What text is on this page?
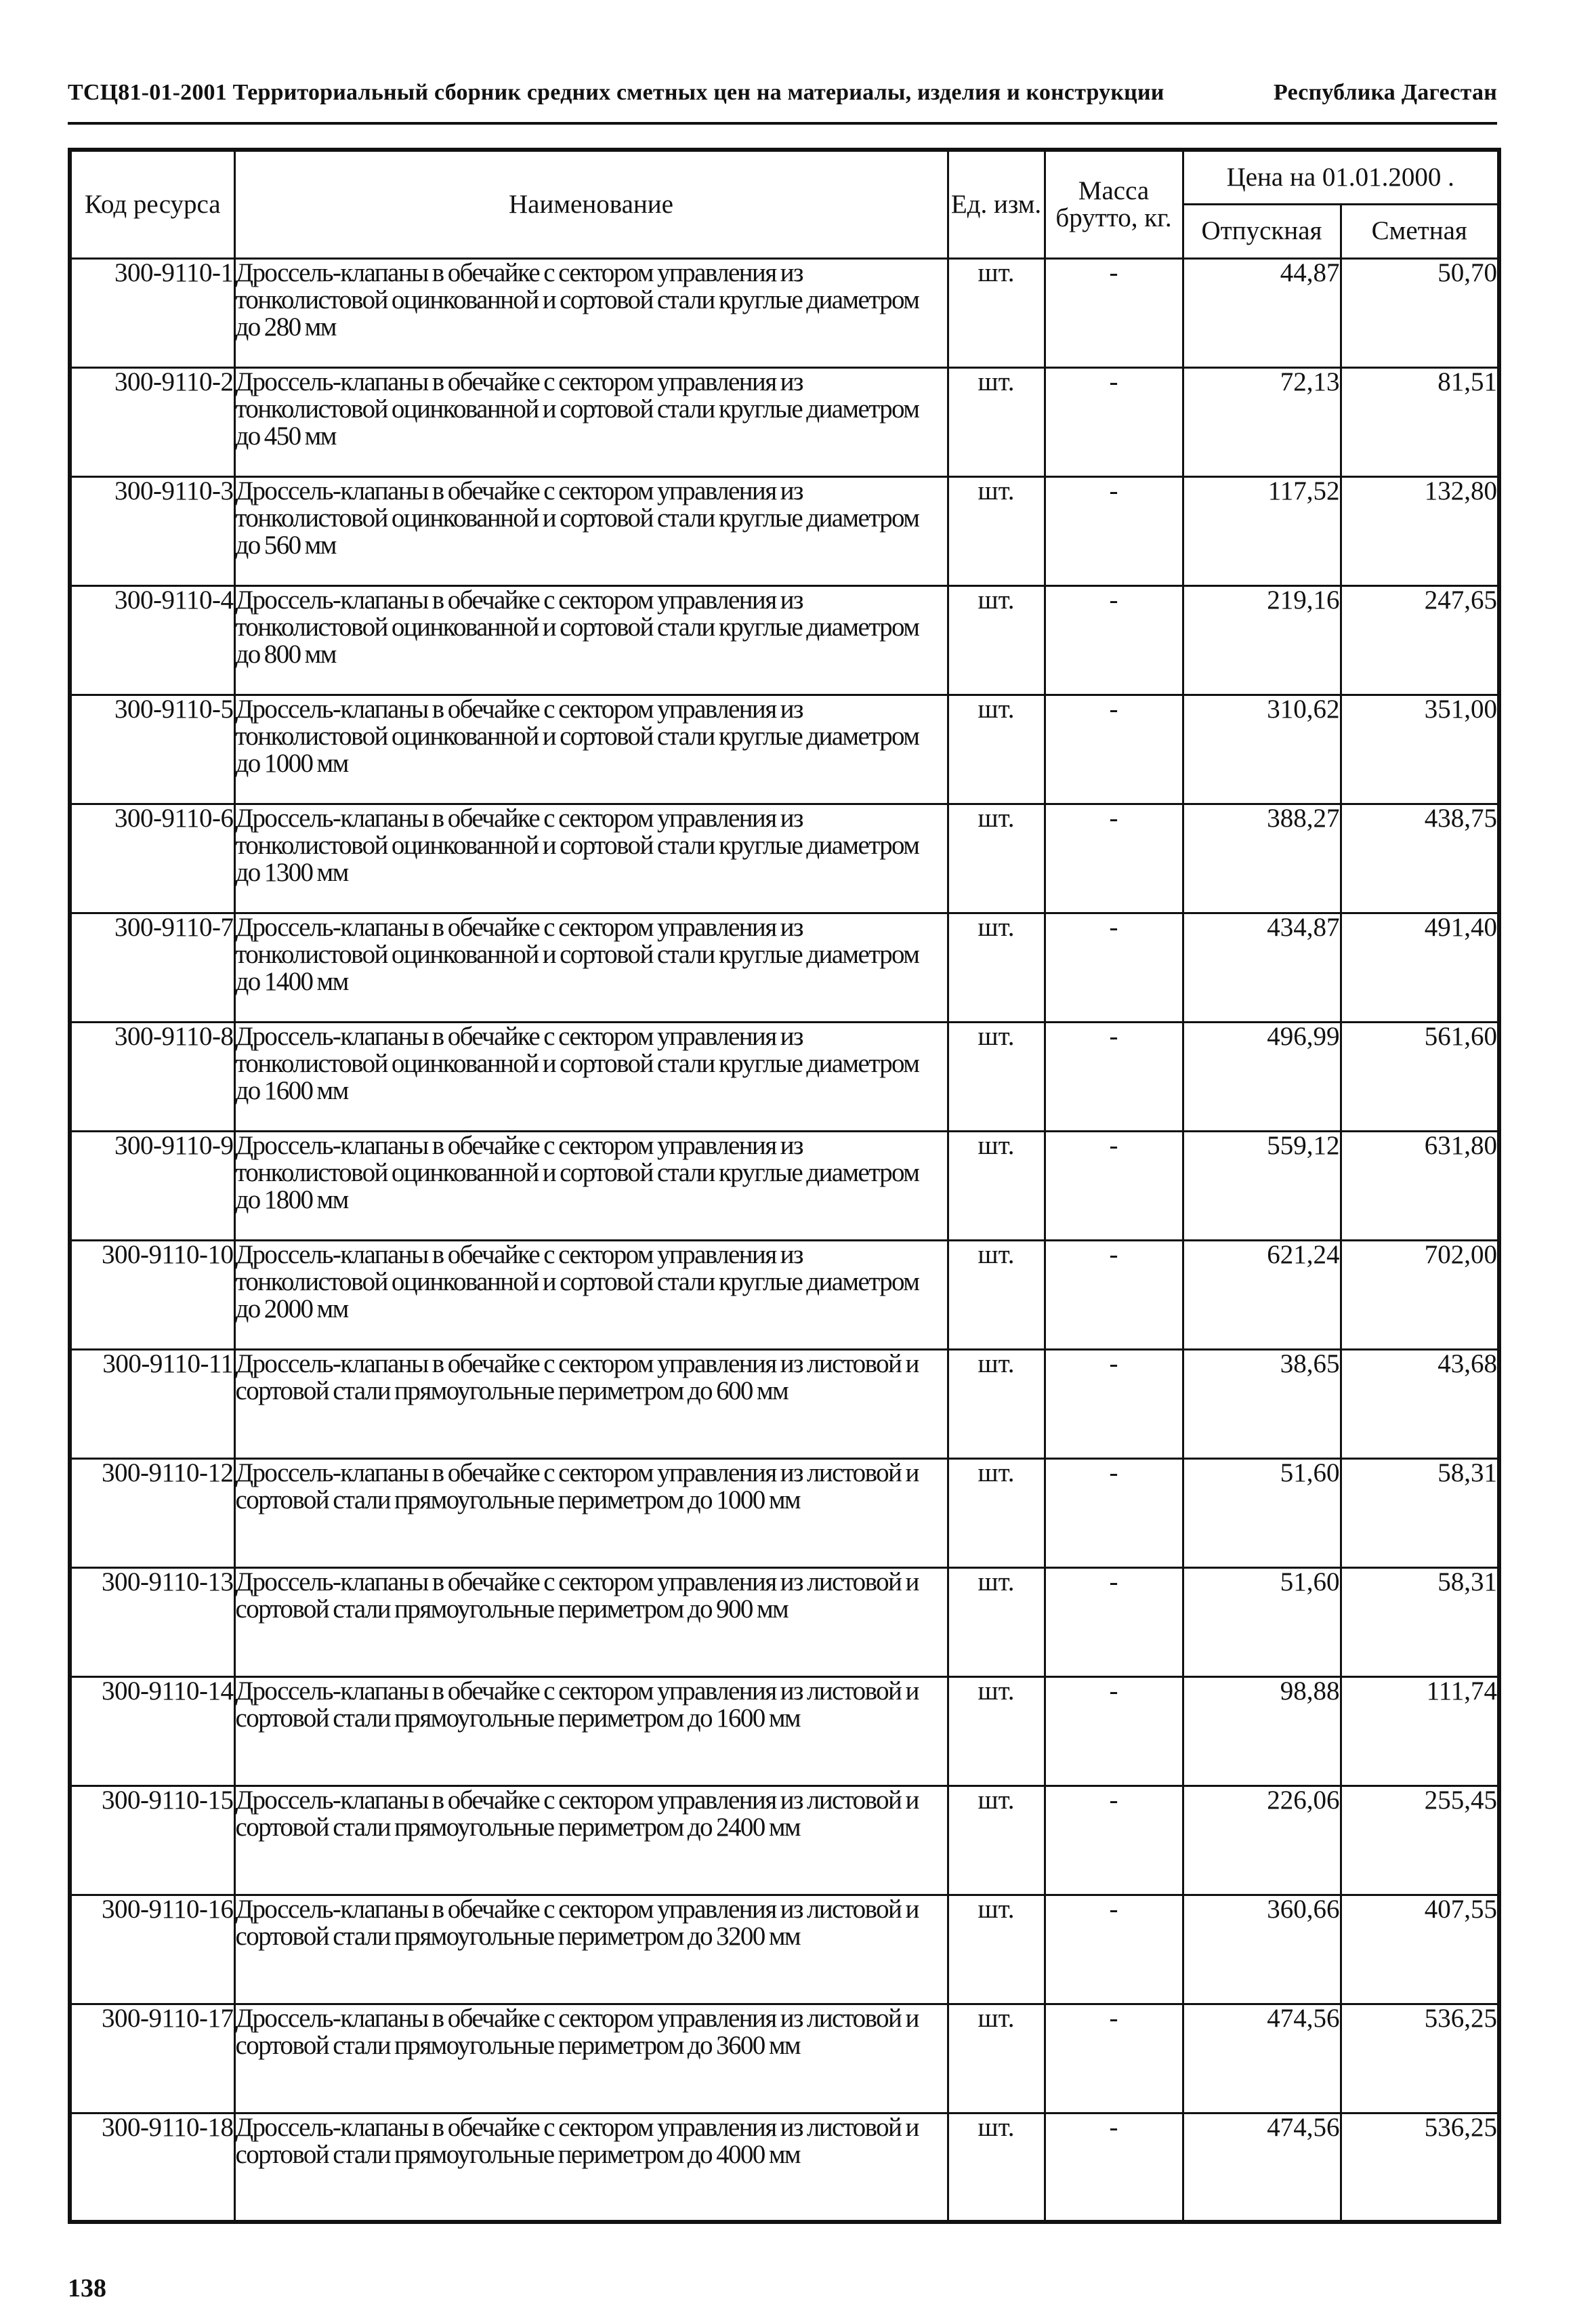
ТСЦ81-01-2001 Территориальный сборник средних сметных цен на материалы, изделия и конструкции	Республика Дагестан
Код ресурса	Наименование	Ед. изм.	Масса брутто, кг.	Цена на 01.01.2000 .	
				Отпускная	Сметная
300-9110-1	Дроссель-клапаны в обечайке с сектором управления из тонколистовой оцинкованной и сортовой стали круглые диаметром до 280 мм	шт.	-	44,87	50,70
300-9110-2	Дроссель-клапаны в обечайке с сектором управления из тонколистовой оцинкованной и сортовой стали круглые диаметром до 450 мм	шт.	-	72,13	81,51
300-9110-3	Дроссель-клапаны в обечайке с сектором управления из тонколистовой оцинкованной и сортовой стали круглые диаметром до 560 мм	шт.	-	117,52	132,80
300-9110-4	Дроссель-клапаны в обечайке с сектором управления из тонколистовой оцинкованной и сортовой стали круглые диаметром до 800 мм	шт.	-	219,16	247,65
300-9110-5	Дроссель-клапаны в обечайке с сектором управления из тонколистовой оцинкованной и сортовой стали круглые диаметром до 1000 мм	шт.	-	310,62	351,00
300-9110-6	Дроссель-клапаны в обечайке с сектором управления из тонколистовой оцинкованной и сортовой стали круглые диаметром до 1300 мм	шт.	-	388,27	438,75
300-9110-7	Дроссель-клапаны в обечайке с сектором управления из тонколистовой оцинкованной и сортовой стали круглые диаметром до 1400 мм	шт.	-	434,87	491,40
300-9110-8	Дроссель-клапаны в обечайке с сектором управления из тонколистовой оцинкованной и сортовой стали круглые диаметром до 1600 мм	шт.	-	496,99	561,60
300-9110-9	Дроссель-клапаны в обечайке с сектором управления из тонколистовой оцинкованной и сортовой стали круглые диаметром до 1800 мм	шт.	-	559,12	631,80
300-9110-10	Дроссель-клапаны в обечайке с сектором управления из тонколистовой оцинкованной и сортовой стали круглые диаметром до 2000 мм	шт.	-	621,24	702,00
300-9110-11	Дроссель-клапаны в обечайке с сектором управления из листовой и сортовой стали прямоугольные периметром до 600 мм	шт.	-	38,65	43,68
300-9110-12	Дроссель-клапаны в обечайке с сектором управления из листовой и сортовой стали прямоугольные периметром до 1000 мм	шт.	-	51,60	58,31
300-9110-13	Дроссель-клапаны в обечайке с сектором управления из листовой и сортовой стали прямоугольные периметром до 900 мм	шт.	-	51,60	58,31
300-9110-14	Дроссель-клапаны в обечайке с сектором управления из листовой и сортовой стали прямоугольные периметром до 1600 мм	шт.	-	98,88	111,74
300-9110-15	Дроссель-клапаны в обечайке с сектором управления из листовой и сортовой стали прямоугольные периметром до 2400 мм	шт.	-	226,06	255,45
300-9110-16	Дроссель-клапаны в обечайке с сектором управления из листовой и сортовой стали прямоугольные периметром до 3200 мм	шт.	-	360,66	407,55
300-9110-17	Дроссель-клапаны в обечайке с сектором управления из листовой и сортовой стали прямоугольные периметром до 3600 мм	шт.	-	474,56	536,25
300-9110-18	Дроссель-клапаны в обечайке с сектором управления из листовой и сортовой стали прямоугольные периметром до 4000 мм	шт.	-	474,56	536,25
138
